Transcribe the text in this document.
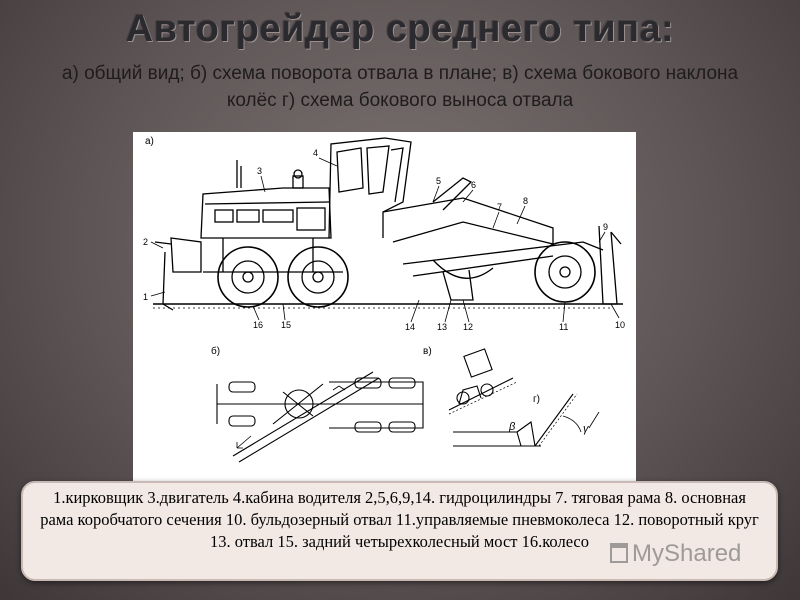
Автогрейдер среднего типа:
а) общий вид; б) схема поворота отвала в плане; в) схема бокового наклона колёс г) схема бокового выноса отвала
1
2
3
4
5	6
7
8
9
10
11
12
13
14
15
16
а)
б)	в)
г)
γ
β
1.кирковщик 3.двигатель 4.кабина водителя 2,5,6,9,14. гидроцилиндры 7. тяговая рама 8. основная рама коробчатого сечения 10. бульдозерный отвал 11.управляемые пневмоколеса 12. поворотный круг 13. отвал 15. задний четырехколесный мост 16.колесо	MyShared
